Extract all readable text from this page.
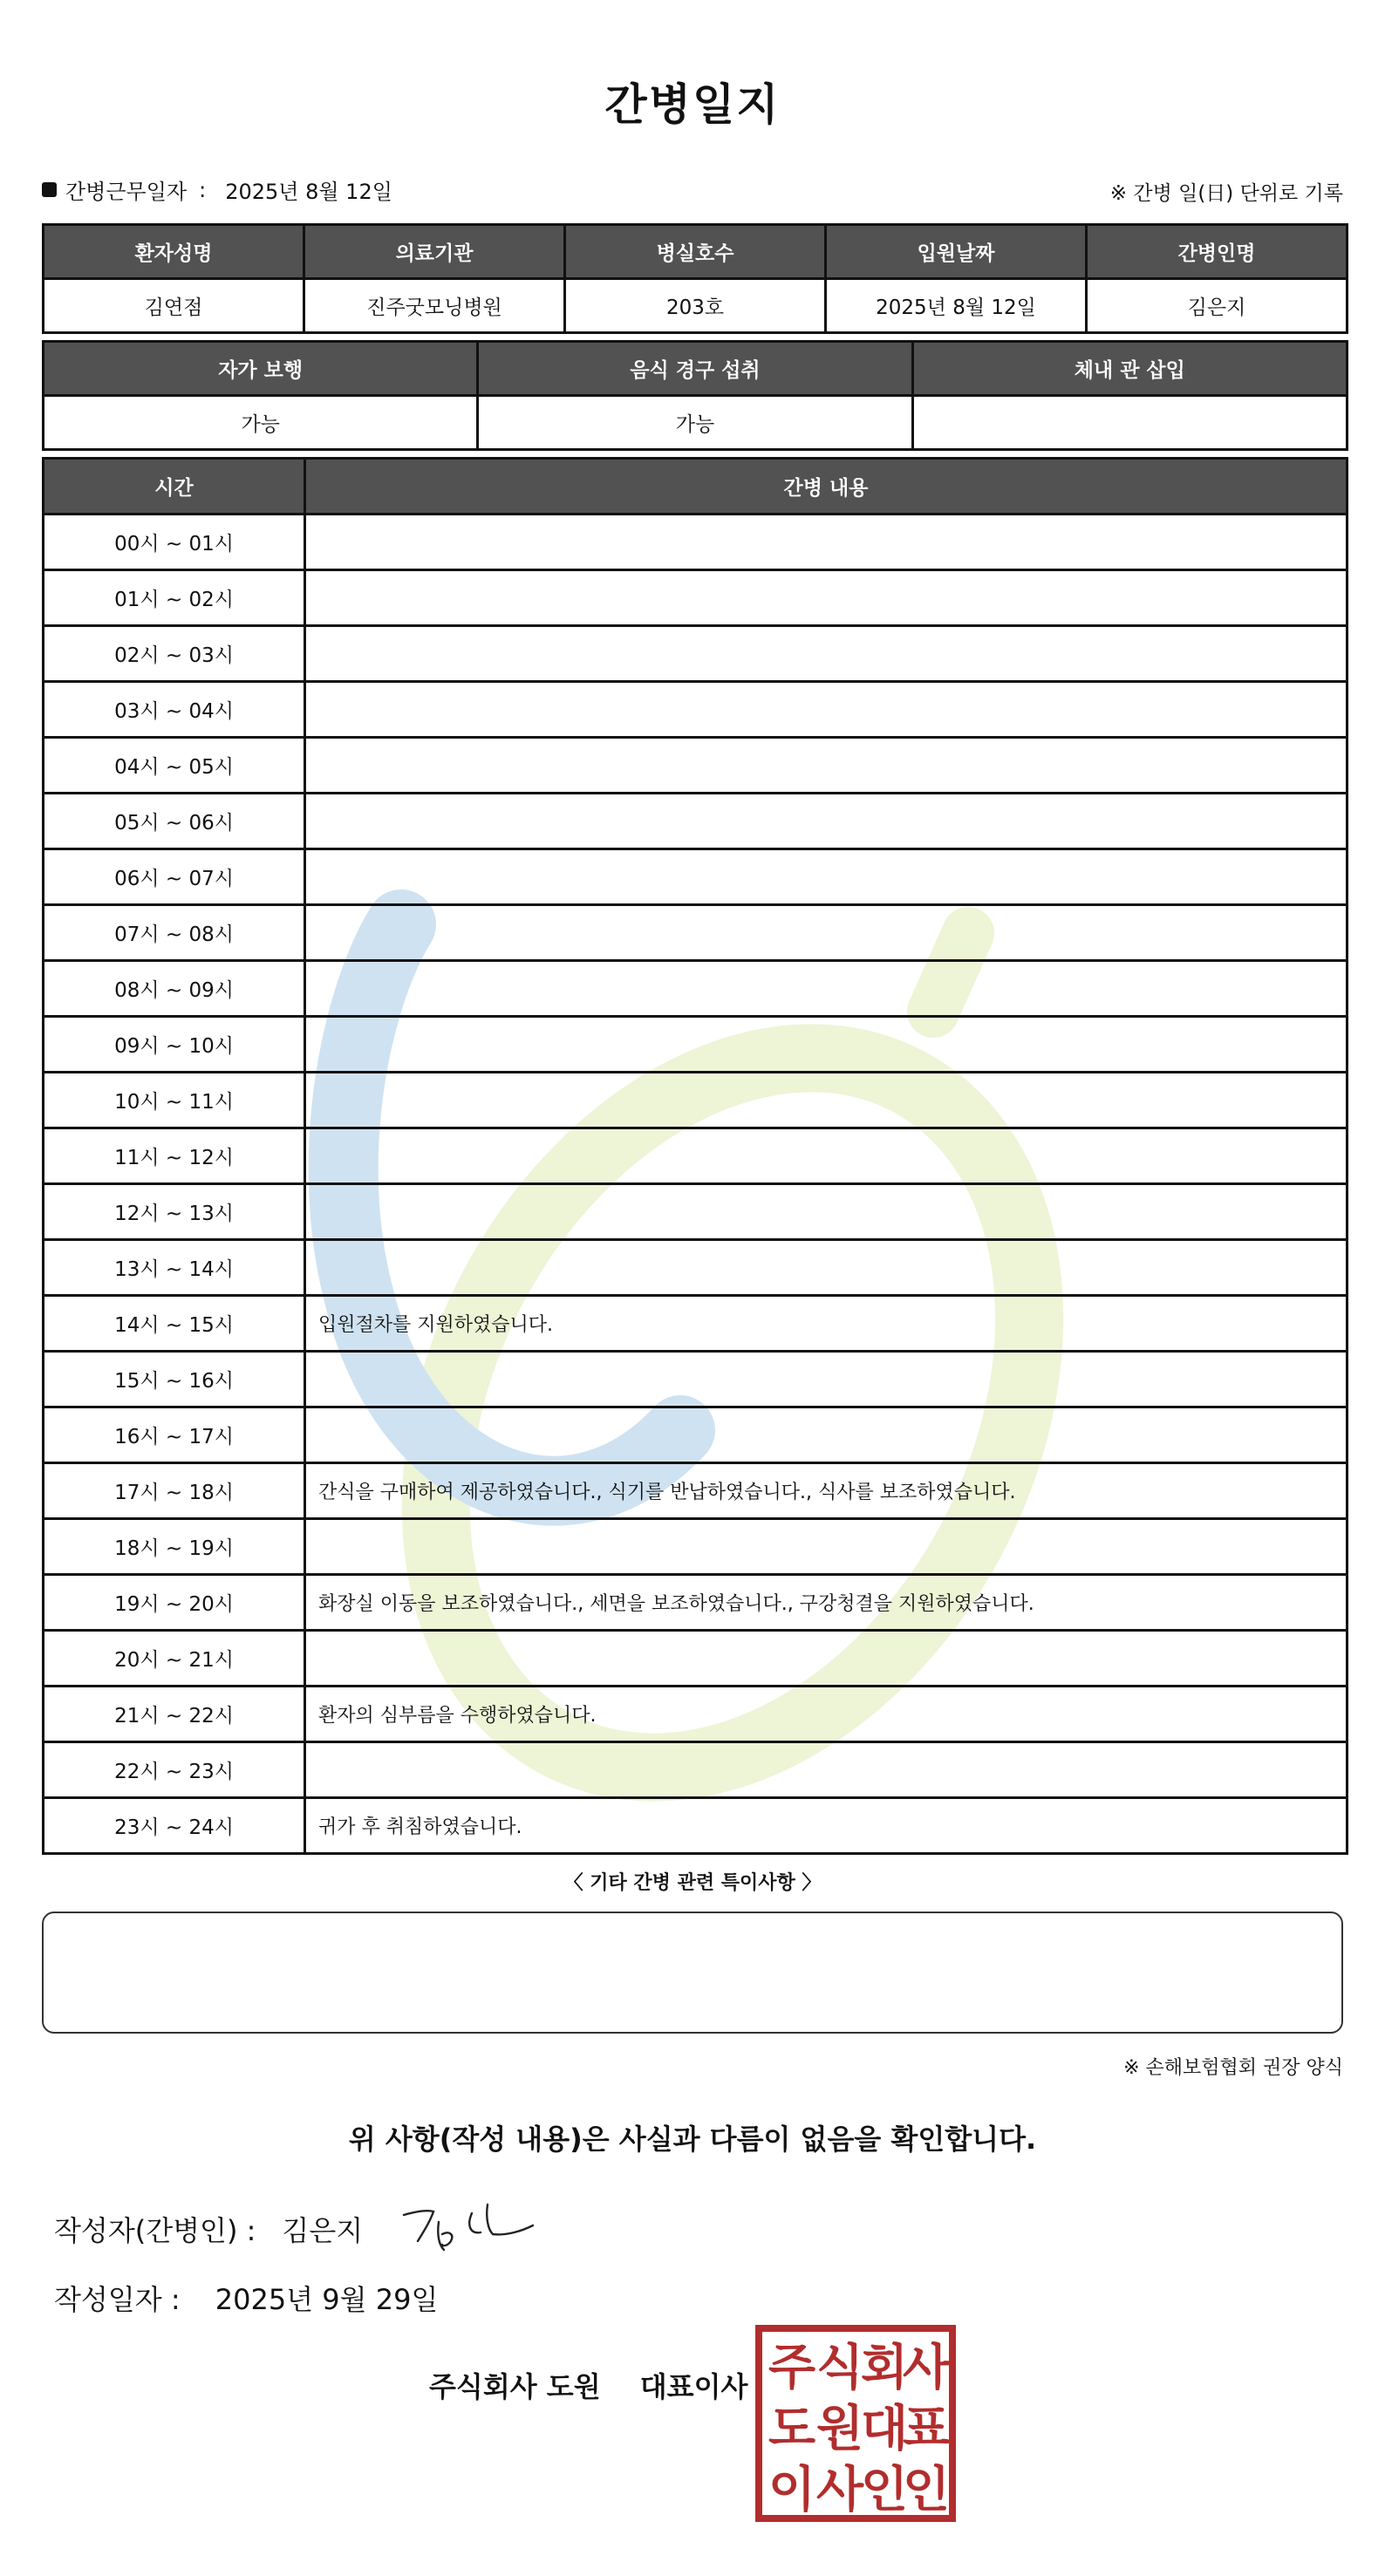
간병일지
간병근무일자 : 2025년 8월 12일	※ 간병 일(日) 단위로 기록
환자성명	의료기관	병실호수	입원날짜	간병인명
김연점	진주굿모닝병원	203호	2025년 8월 12일	김은지
자가 보행	음식 경구 섭취	체내 관 삽입
가능	가능
시간	간병 내용
00시 ~ 01시
01시 ~ 02시
02시 ~ 03시
03시 ~ 04시
04시 ~ 05시
05시 ~ 06시
06시 ~ 07시
07시 ~ 08시
08시 ~ 09시
09시 ~ 10시
10시 ~ 11시
11시 ~ 12시
12시 ~ 13시
13시 ~ 14시
14시 ~ 15시	입원절차를 지원하였습니다.
15시 ~ 16시
16시 ~ 17시
17시 ~ 18시	간식을 구매하여 제공하였습니다., 식기를 반납하였습니다., 식사를 보조하였습니다.
18시 ~ 19시
19시 ~ 20시	화장실 이동을 보조하였습니다., 세면을 보조하였습니다., 구강청결을 지원하였습니다.
20시 ~ 21시
21시 ~ 22시	환자의 심부름을 수행하였습니다.
22시 ~ 23시
23시 ~ 24시	귀가 후 취침하였습니다.
〈 기타 간병 관련 특이사항 〉
※ 손해보험협회 권장 양식
위 사항(작성 내용)은 사실과 다름이 없음을 확인합니다.
작성자(간병인) : 김은지
작성일자 : 2025년 9월 29일
주식회사 도원 대표이사 주 식
회
사
도 원
대
표
이 사
인
인
